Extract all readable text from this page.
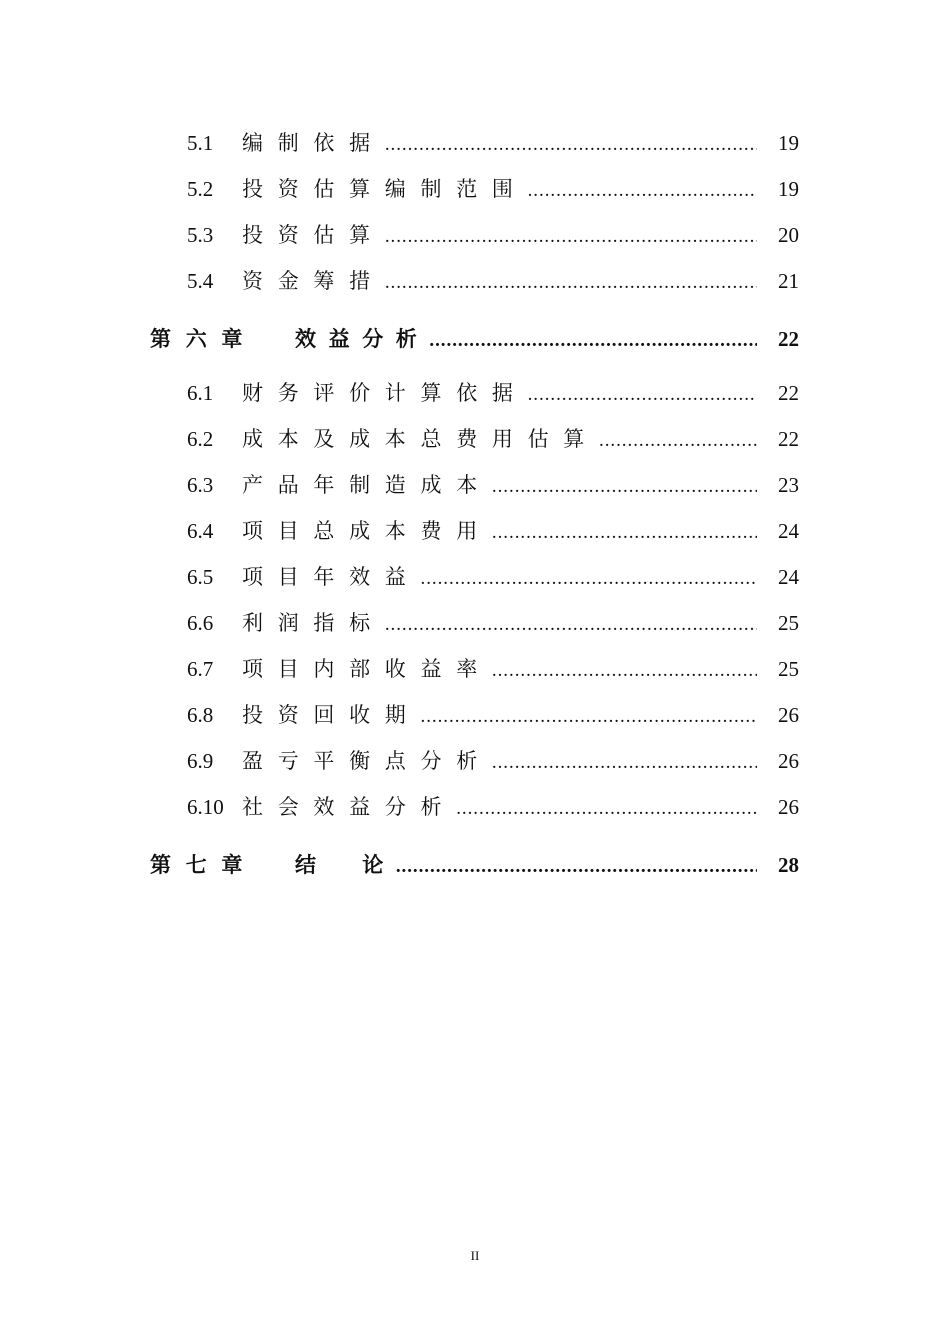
5.1	编制依据 .....	19
5.2	投资估算编制范围 .....	19
5.3	投资估算 .....	20
5.4	资金筹措 .....	21
第六章	效益分析 .....	22
6.1	财务评价计算依据 .....	22
6.2	成本及成本总费用估算 .....	22
6.3	产品年制造成本 .....	23
6.4	项目总成本费用 .....	24
6.5	项目年效益 .....	24
6.6	利润指标 .....	25
6.7	项目内部收益率 .....	25
6.8	投资回收期 .....	26
6.9	盈亏平衡点分析 .....	26
6.10 社会效益分析 .....	26
第七章	结　论 .....	28
II
